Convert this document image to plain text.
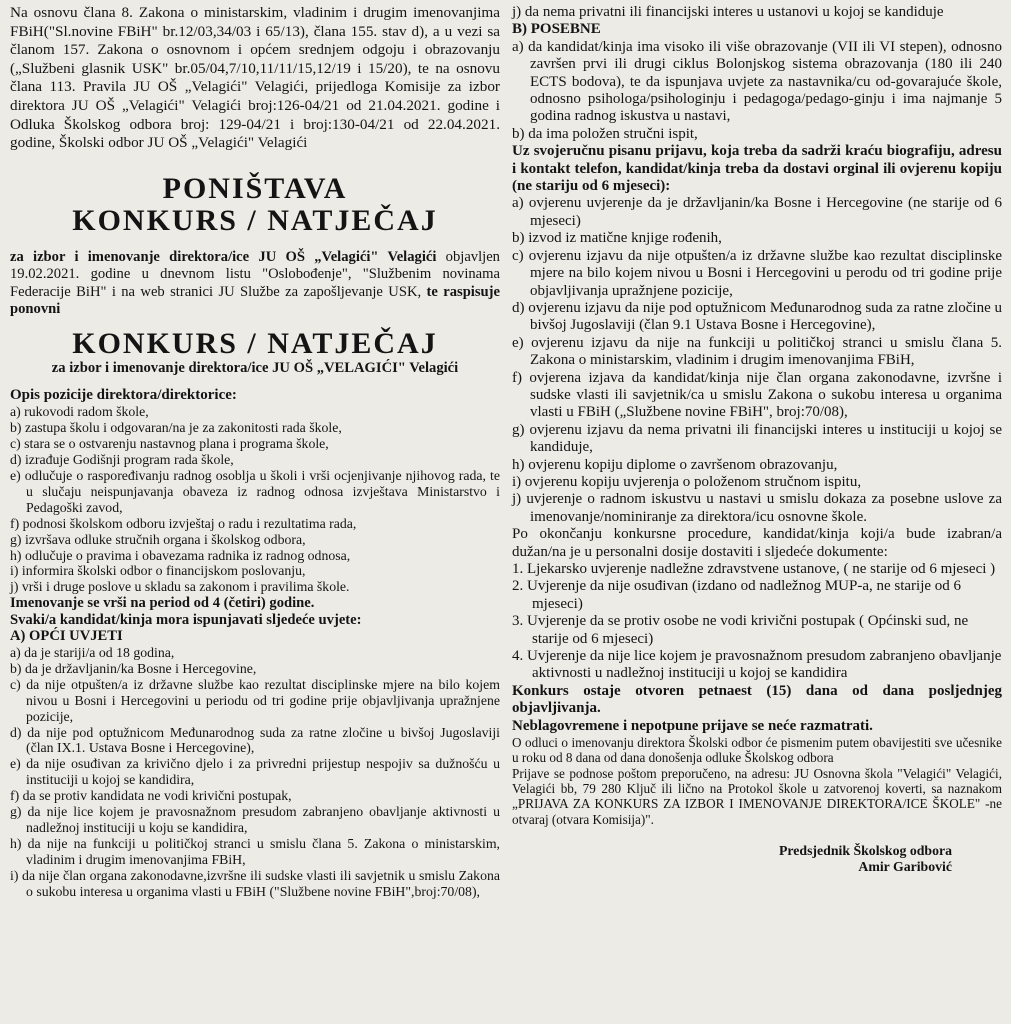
Na osnovu člana 8. Zakona o ministarskim, vladinim i drugim imenovanjima FBiH("Sl.novine FBiH" br.12/03,34/03 i 65/13), člana 155. stav d), a u vezi sa članom 157. Zakona o osnovnom i općem srednjem odgoju i obrazovanju („Službeni glasnik USK" br.05/04,7/10,11/11/15,12/19 i 15/20), te na osnovu člana 113. Pravila JU OŠ „Velagići" Velagići, prijedloga Komisije za izbor direktora JU OŠ „Velagići" Velagići broj:126-04/21 od 21.04.2021. godine i Odluka Školskog odbora broj: 129-04/21 i broj:130-04/21 od 22.04.2021. godine, Školski odbor JU OŠ „Velagići" Velagići

PONIŠTAVA
KONKURS / NATJEČAJ

za izbor i imenovanje direktora/ice JU OŠ „Velagići" Velagići objavljen 19.02.2021. godine u dnevnom listu "Oslobođenje", "Službenim novinama Federacije BiH" i na web stranici JU Službe za zapošljevanje USK, te raspisuje ponovni

KONKURS / NATJEČAJ
za izbor i imenovanje direktora/ice JU OŠ „VELAGIĆI" Velagići
Opis pozicije direktora/direktorice:
a) rukovodi radom škole,
b) zastupa školu i odgovaran/na je za zakonitosti rada škole,
c) stara se o ostvarenju nastavnog plana i programa škole,
d) izrađuje Godišnji program rada škole,
e) odlučuje o raspoređivanju radnog osoblja u školi i vrši ocjenjivanje njihovog rada, te u slučaju neispunjavanja obaveza iz radnog odnosa izvještava Ministarstvo i Pedagoški zavod,
f) podnosi školskom odboru izvještaj o radu i rezultatima rada,
g) izvršava odluke stručnih organa i školskog odbora,
h) odlučuje o pravima i obavezama radnika iz radnog odnosa,
i) informira školski odbor o financijskom poslovanju,
j) vrši i druge poslove u skladu sa zakonom i pravilima škole.
Imenovanje se vrši na period od 4 (četiri) godine.
Svaki/a kandidat/kinja mora ispunjavati sljedeće uvjete:
A) OPĆI UVJETI
a) da je stariji/a od 18 godina,
b) da je državljanin/ka Bosne i Hercegovine,
c) da nije otpušten/a iz državne službe kao rezultat disciplinske mjere na bilo kojem nivou u Bosni i Hercegovini u periodu od tri godine prije objavljivanja upražnjene pozicije,
d) da nije pod optužnicom Međunarodnog suda za ratne zločine u bivšoj Jugoslaviji (član IX.1. Ustava Bosne i Hercegovine),
e) da nije osuđivan za krivično djelo i za privredni prijestup nespojiv sa dužnošću u instituciji u kojoj se kandidira,
f) da se protiv kandidata ne vodi krivični postupak,
g) da nije lice kojem je pravosnažnom presudom zabranjeno obavljanje aktivnosti u nadležnoj instituciji u koju se kandidira,
h) da nije na funkciji u političkoj stranci u smislu člana 5. Zakona o ministarskim, vladinim i drugim imenovanjima FBiH,
i) da nije član organa zakonodavne,izvršne ili sudske vlasti ili savjetnik u smislu Zakona o sukobu interesa u organima vlasti u FBiH ("Službene novine FBiH",broj:70/08),
j) da nema privatni ili financijski interes u ustanovi u kojoj se kandiduje
B) POSEBNE
a) da kandidat/kinja ima visoko ili više obrazovanje (VII ili VI stepen), odnosno završen prvi ili drugi ciklus Bolonjskog sistema obrazovanja (180 ili 240 ECTS bodova), te da ispunjava uvjete za nastavnika/cu od-govarajuće škole, odnosno psihologa/psihologinju i pedagoga/pedago-ginju i ima najmanje 5 godina radnog iskustva u nastavi,
b) da ima položen stručni ispit,
Uz svojeručnu pisanu prijavu, koja treba da sadrži kraću biografiju, adresu i kontakt telefon, kandidat/kinja treba da dostavi orginal ili ovjerenu kopiju (ne stariju od 6 mjeseci):
a) ovjerenu uvjerenje da je državljanin/ka Bosne i Hercegovine (ne starije od 6 mjeseci)
b) izvod iz matične knjige rođenih,
c) ovjerenu izjavu da nije otpušten/a iz državne službe kao rezultat disciplinske mjere na bilo kojem nivou u Bosni i Hercegovini u perodu od tri godine prije objavljivanja upražnjene pozicije,
d) ovjerenu izjavu da nije pod optužnicom Međunarodnog suda za ratne zločine u bivšoj Jugoslaviji (član 9.1 Ustava Bosne i Hercegovine),
e) ovjerenu izjavu da nije na funkciji u političkoj stranci u smislu člana 5. Zakona o ministarskim, vladinim i drugim imenovanjima FBiH,
f) ovjerena izjava da kandidat/kinja nije član organa zakonodavne, izvršne i sudske vlasti ili savjetnik/ca u smislu Zakona o sukobu interesa u organima vlasti u FBiH („Službene novine FBiH", broj:70/08),
g) ovjerenu izjavu da nema privatni ili financijski interes u instituciji u kojoj se kandiduje,
h) ovjerenu kopiju diplome o završenom obrazovanju,
i) ovjerenu kopiju uvjerenja o položenom stručnom ispitu,
j) uvjerenje o radnom iskustvu u nastavi u smislu dokaza za posebne uslove za imenovanje/nominiranje za direktora/icu osnovne škole.
Po okončanju konkursne procedure, kandidat/kinja koji/a bude izabran/a dužan/na je u personalni dosije dostaviti i sljedeće dokumente:
1. Ljekarsko uvjerenje nadležne zdravstvene ustanove, ( ne starije od 6 mjeseci )
2. Uvjerenje da nije osuđivan (izdano od nadležnog MUP-a, ne starije od 6 mjeseci)
3. Uvjerenje da se protiv osobe ne vodi krivični postupak ( Općinski sud, ne starije od 6 mjeseci)
4. Uvjerenje da nije lice kojem je pravosnažnom presudom zabranjeno obavljanje aktivnosti u nadležnoj instituciji u kojoj se kandidira
Konkurs ostaje otvoren petnaest (15) dana od dana posljednjeg objavljivanja.
Neblagovremene i nepotpune prijave se neće razmatrati.
O odluci o imenovanju direktora Školski odbor će pismenim putem obavijestiti sve učesnike u roku od 8 dana od dana donošenja odluke Školskog odbora
Prijave se podnose poštom preporučeno, na adresu: JU Osnovna škola "Velagići" Velagići, Velagići bb, 79 280 Ključ ili lično na Protokol škole u zatvorenoj koverti, sa naznakom „PRIJAVA ZA KONKURS ZA IZBOR I IMENOVANJE DIREKTORA/ICE ŠKOLE" -ne otvaraj (otvara Komisija)".
Predsjednik Školskog odbora
Amir Garibović
